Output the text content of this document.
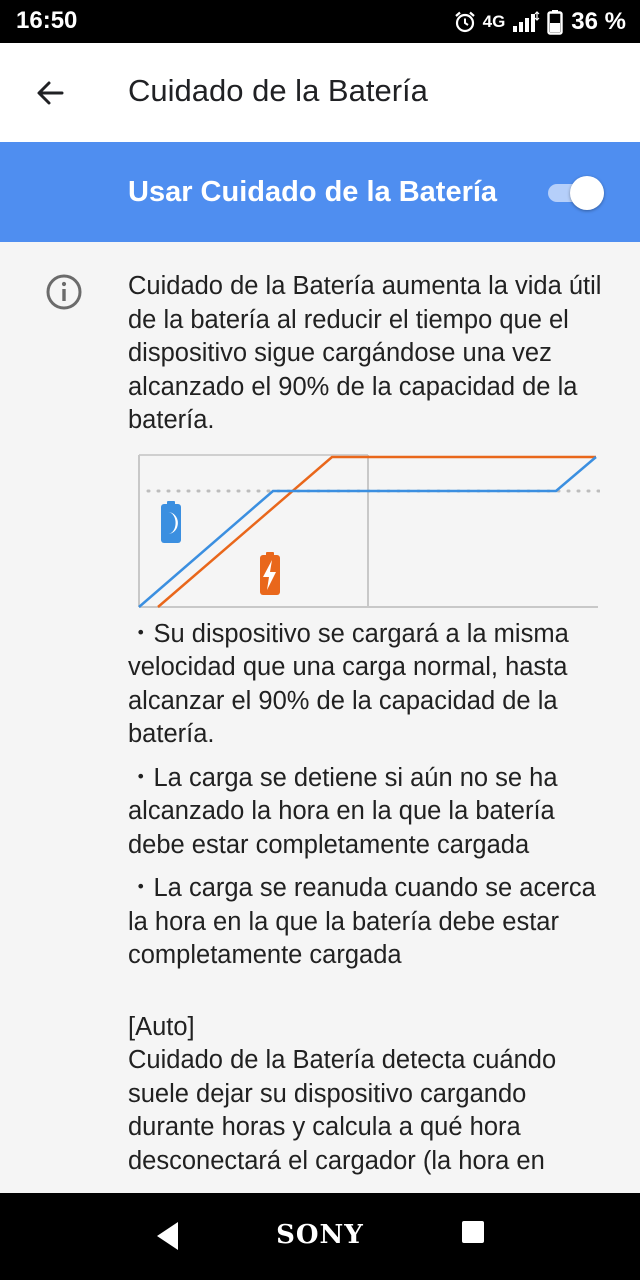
16:50	4G	36 %
Cuidado de la Batería
Usar Cuidado de la Batería

Cuidado de la Batería aumenta la vida útil de la batería al reducir el tiempo que el dispositivo sigue cargándose una vez alcanzado el 90% de la capacidad de la batería.

・Su dispositivo se cargará a la misma velocidad que una carga normal, hasta alcanzar el 90% de la capacidad de la batería.

・La carga se detiene si aún no se ha alcanzado la hora en la que la batería debe estar completamente cargada

・La carga se reanuda cuando se acerca la hora en la que la batería debe estar completamente cargada

[Auto]

Cuidado de la Batería detecta cuándo suele dejar su dispositivo cargando durante horas y calcula a qué hora desconectará el cargador (la hora en

SONY
